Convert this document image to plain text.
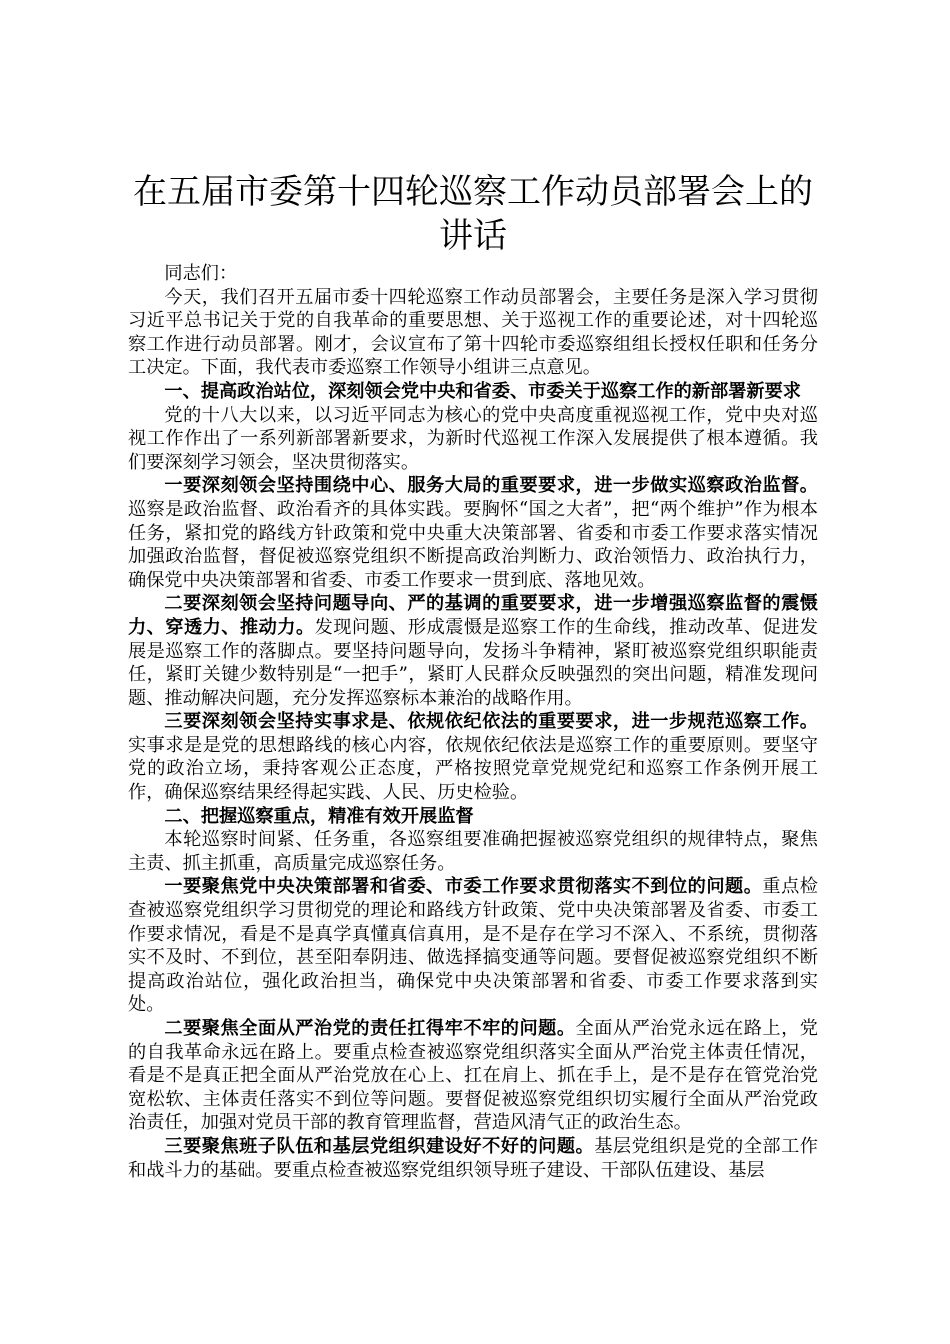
在五届市委第十四轮巡察工作动员部署会上的讲话

同志们：

今天，我们召开五届市委十四轮巡察工作动员部署会，主要任务是深入学习贯彻习近平总书记关于党的自我革命的重要思想、关于巡视工作的重要论述，对十四轮巡察工作进行动员部署。刚才，会议宣布了第十四轮市委巡察组组长授权任职和任务分工决定。下面，我代表市委巡察工作领导小组讲三点意见。

一、提高政治站位，深刻领会党中央和省委、市委关于巡察工作的新部署新要求

党的十八大以来，以习近平同志为核心的党中央高度重视巡视工作，党中央对巡视工作作出了一系列新部署新要求，为新时代巡视工作深入发展提供了根本遵循。我们要深刻学习领会，坚决贯彻落实。

一要深刻领会坚持围绕中心、服务大局的重要要求，进一步做实巡察政治监督。巡察是政治监督、政治看齐的具体实践。要胸怀“国之大者”，把“两个维护”作为根本任务，紧扣党的路线方针政策和党中央重大决策部署、省委和市委工作要求落实情况加强政治监督，督促被巡察党组织不断提高政治判断力、政治领悟力、政治执行力，确保党中央决策部署和省委、市委工作要求一贯到底、落地见效。

二要深刻领会坚持问题导向、严的基调的重要要求，进一步增强巡察监督的震慑力、穿透力、推动力。发现问题、形成震慑是巡察工作的生命线，推动改革、促进发展是巡察工作的落脚点。要坚持问题导向，发扬斗争精神，紧盯被巡察党组织职能责任，紧盯关键少数特别是“一把手”，紧盯人民群众反映强烈的突出问题，精准发现问题、推动解决问题，充分发挥巡察标本兼治的战略作用。

三要深刻领会坚持实事求是、依规依纪依法的重要要求，进一步规范巡察工作。实事求是是党的思想路线的核心内容，依规依纪依法是巡察工作的重要原则。要坚守党的政治立场，秉持客观公正态度，严格按照党章党规党纪和巡察工作条例开展工作，确保巡察结果经得起实践、人民、历史检验。

二、把握巡察重点，精准有效开展监督

本轮巡察时间紧、任务重，各巡察组要准确把握被巡察党组织的规律特点，聚焦主责、抓主抓重，高质量完成巡察任务。

一要聚焦党中央决策部署和省委、市委工作要求贯彻落实不到位的问题。重点检查被巡察党组织学习贯彻党的理论和路线方针政策、党中央决策部署及省委、市委工作要求情况，看是不是真学真懂真信真用，是不是存在学习不深入、不系统，贯彻落实不及时、不到位，甚至阳奉阴违、做选择搞变通等问题。要督促被巡察党组织不断提高政治站位，强化政治担当，确保党中央决策部署和省委、市委工作要求落到实处。

二要聚焦全面从严治党的责任扛得牢不牢的问题。全面从严治党永远在路上，党的自我革命永远在路上。要重点检查被巡察党组织落实全面从严治党主体责任情况，看是不是真正把全面从严治党放在心上、扛在肩上、抓在手上，是不是存在管党治党宽松软、主体责任落实不到位等问题。要督促被巡察党组织切实履行全面从严治党政治责任，加强对党员干部的教育管理监督，营造风清气正的政治生态。

三要聚焦班子队伍和基层党组织建设好不好的问题。基层党组织是党的全部工作和战斗力的基础。要重点检查被巡察党组织领导班子建设、干部队伍建设、基层
